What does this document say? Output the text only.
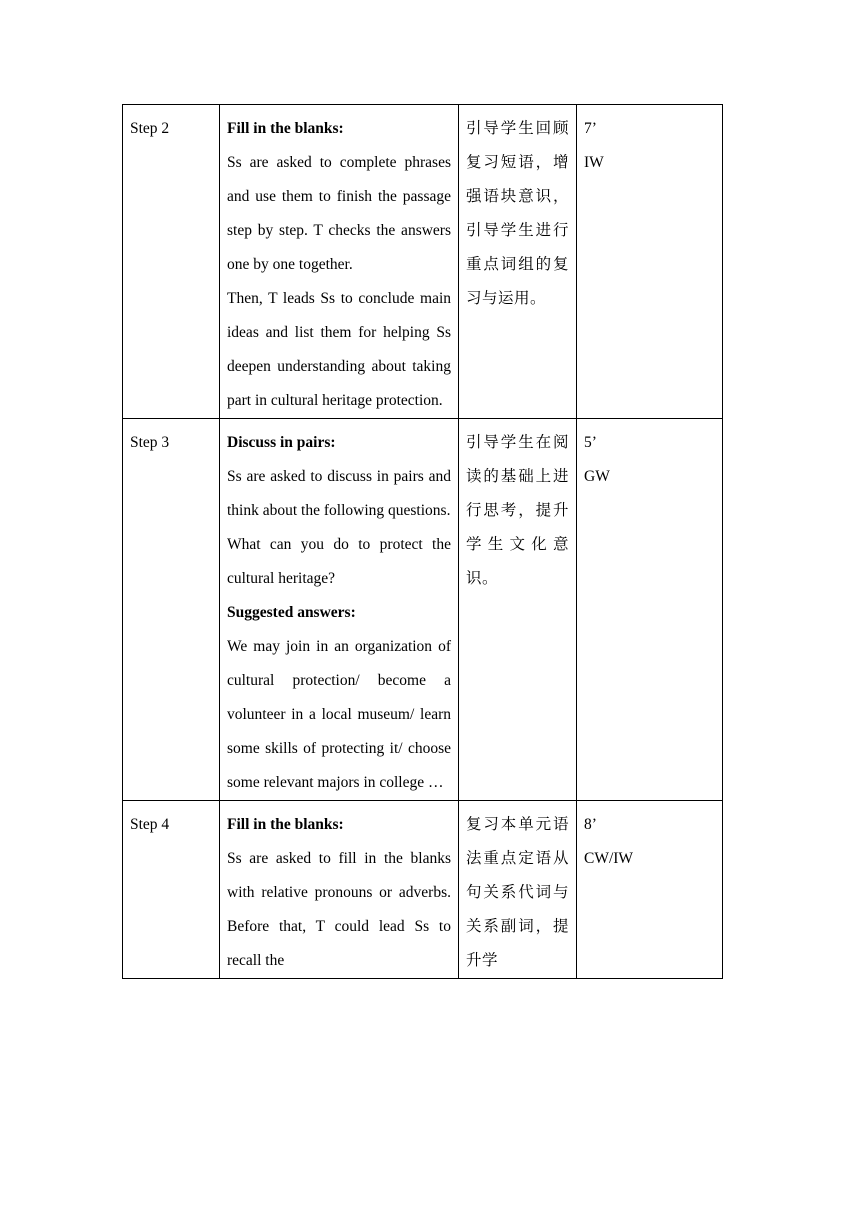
Step 2	Fill in the blanks:
Ss are asked to complete phrases and use them to finish the passage step by step. T checks the answers one by one together.
Then, T leads Ss to conclude main ideas and list them for helping Ss deepen understanding about taking part in cultural heritage protection.	引导学生回顾复习短语，增强语块意识，引导学生进行重点词组的复习与运用。	7’
IW

Step 3	Discuss in pairs:
Ss are asked to discuss in pairs and think about the following questions.
What can you do to protect the cultural heritage?
Suggested answers:
We may join in an organization of cultural protection/ become a volunteer in a local museum/ learn some skills of protecting it/ choose some relevant majors in college …	引导学生在阅读的基础上进行思考，提升学生文化意识。	5’
GW

Step 4	Fill in the blanks:
Ss are asked to fill in the blanks with relative pronouns or adverbs. Before that, T could lead Ss to recall the	复习本单元语法重点定语从句关系代词与关系副词，提升学	8’
CW/IW
